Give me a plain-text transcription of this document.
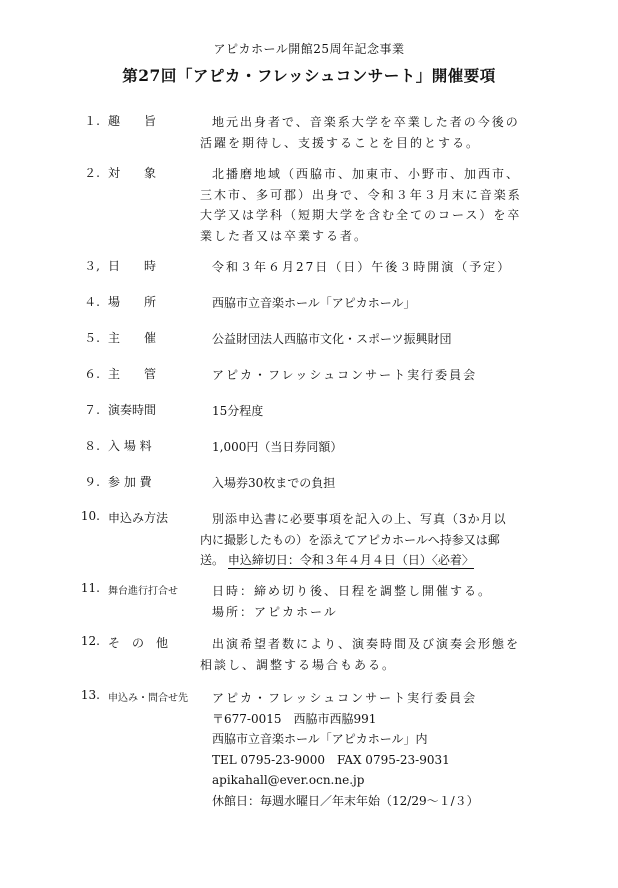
アピカホール開館25周年記念事業
第27回「アピカ・フレッシュコンサート」開催要項
１. 趣　　旨	地元出身者で、音楽系大学を卒業した者の今後の
活躍を期待し、支援することを目的とする。
２. 対　　象	北播磨地域（西脇市、加東市、小野市、加西市、
三木市、多可郡）出身で、令和３年３月末に音楽系
大学又は学科（短期大学を含む全てのコース）を卒
業した者又は卒業する者。
３, 日　　時	令和３年６月27日（日）午後３時開演（予定）
４. 場　　所	西脇市立音楽ホール「アピカホール」
５. 主　　催	公益財団法人西脇市文化・スポーツ振興財団
６. 主　　管	アピカ・フレッシュコンサート実行委員会
７. 演奏時間	15分程度
８. 入 場 料	1,000円（当日券同額）
９. 参 加 費	入場券30枚までの負担
10. 申込み方法	別添申込書に必要事項を記入の上、写真（3か月以
内に撮影したもの）を添えてアピカホールへ持参又は郵
送。 申込締切日：令和３年４月４日（日）〈必着〉
11. 舞台進行打合せ	日時：締め切り後、日程を調整し開催する。
場所：アピカホール
12. そ　の　他	出演希望者数により、演奏時間及び演奏会形態を
相談し、調整する場合もある。
13. 申込み・問合せ先	アピカ・フレッシュコンサート実行委員会
〒677-0015　西脇市西脇991
西脇市立音楽ホール「アピカホール」内
TEL 0795-23-9000　FAX 0795-23-9031
apikahall@ever.ocn.ne.jp
休館日：毎週水曜日／年末年始（12/29～１/３）
